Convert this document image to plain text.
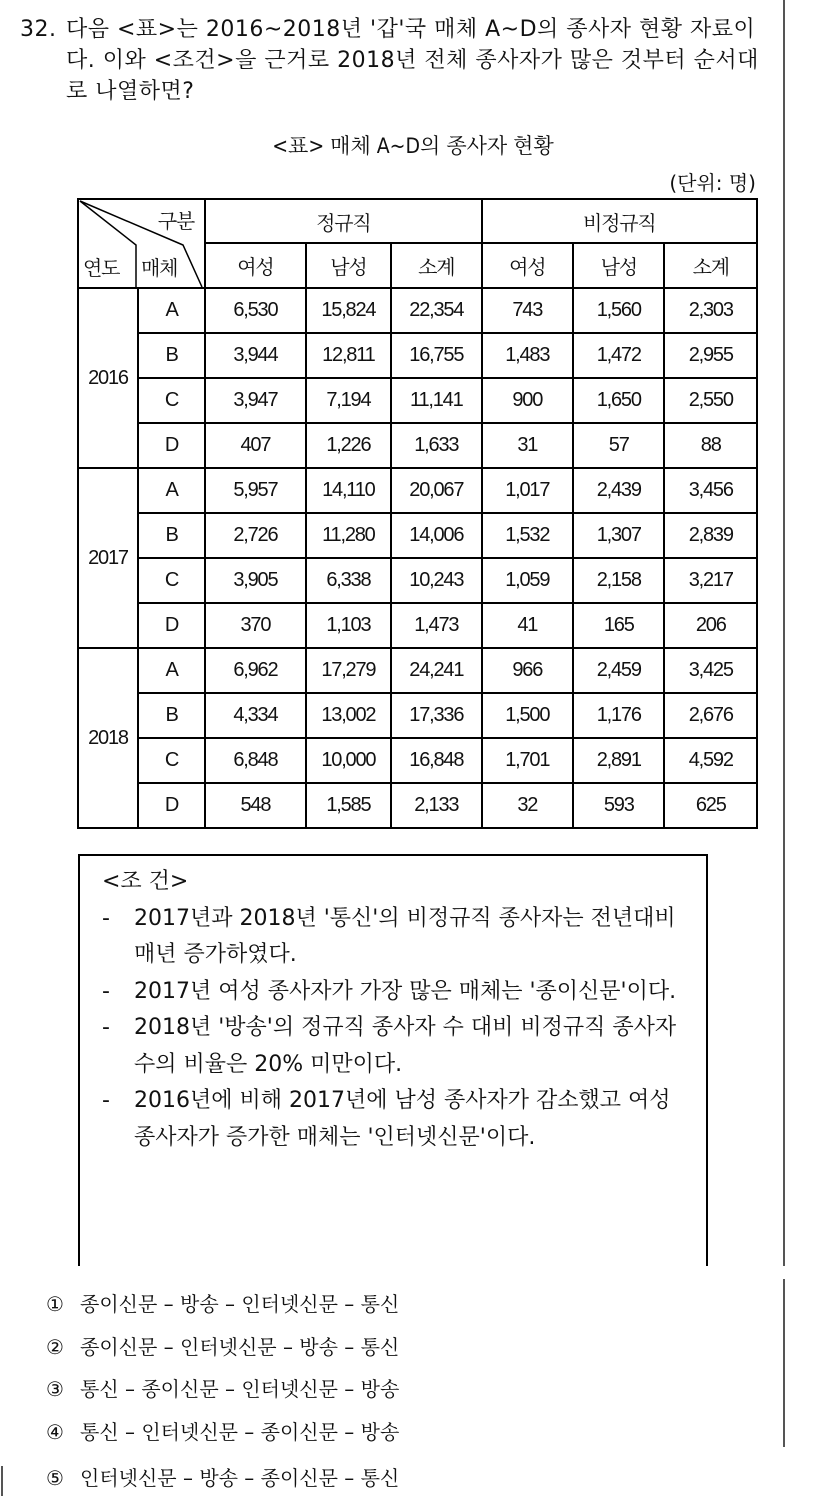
32. 다음 <표>는 2016~2018년 '갑'국 매체 A~D의 종사자 현황 자료이다. 이와 <조건>을 근거로 2018년 전체 종사자가 많은 것부터 순서대로 나열하면?
<표> 매체 A~D의 종사자 현황
(단위: 명)
구분
연도 매체		정규직			비정규직		
		여성	남성	소계	여성	남성	소계
2016	A	6,530	15,824	22,354	743	1,560	2,303
	B	3,944	12,811	16,755	1,483	1,472	2,955
	C	3,947	7,194	11,141	900	1,650	2,550
	D	407	1,226	1,633	31	57	88
2017	A	5,957	14,110	20,067	1,017	2,439	3,456
	B	2,726	11,280	14,006	1,532	1,307	2,839
	C	3,905	6,338	10,243	1,059	2,158	3,217
	D	370	1,103	1,473	41	165	206
2018	A	6,962	17,279	24,241	966	2,459	3,425
	B	4,334	13,002	17,336	1,500	1,176	2,676
	C	6,848	10,000	16,848	1,701	2,891	4,592
	D	548	1,585	2,133	32	593	625
<조 건>
-	2017년과 2018년 '통신'의 비정규직 종사자는 전년대비 매년 증가하였다.
-	2017년 여성 종사자가 가장 많은 매체는 '종이신문'이다.
-	2018년 '방송'의 정규직 종사자 수 대비 비정규직 종사자 수의 비율은 20% 미만이다.
-	2016년에 비해 2017년에 남성 종사자가 감소했고 여성 종사자가 증가한 매체는 '인터넷신문'이다.
① 종이신문 – 방송 – 인터넷신문 – 통신
② 종이신문 – 인터넷신문 – 방송 – 통신
③ 통신 – 종이신문 – 인터넷신문 – 방송
④ 통신 – 인터넷신문 – 종이신문 – 방송
⑤ 인터넷신문 – 방송 – 종이신문 – 통신
